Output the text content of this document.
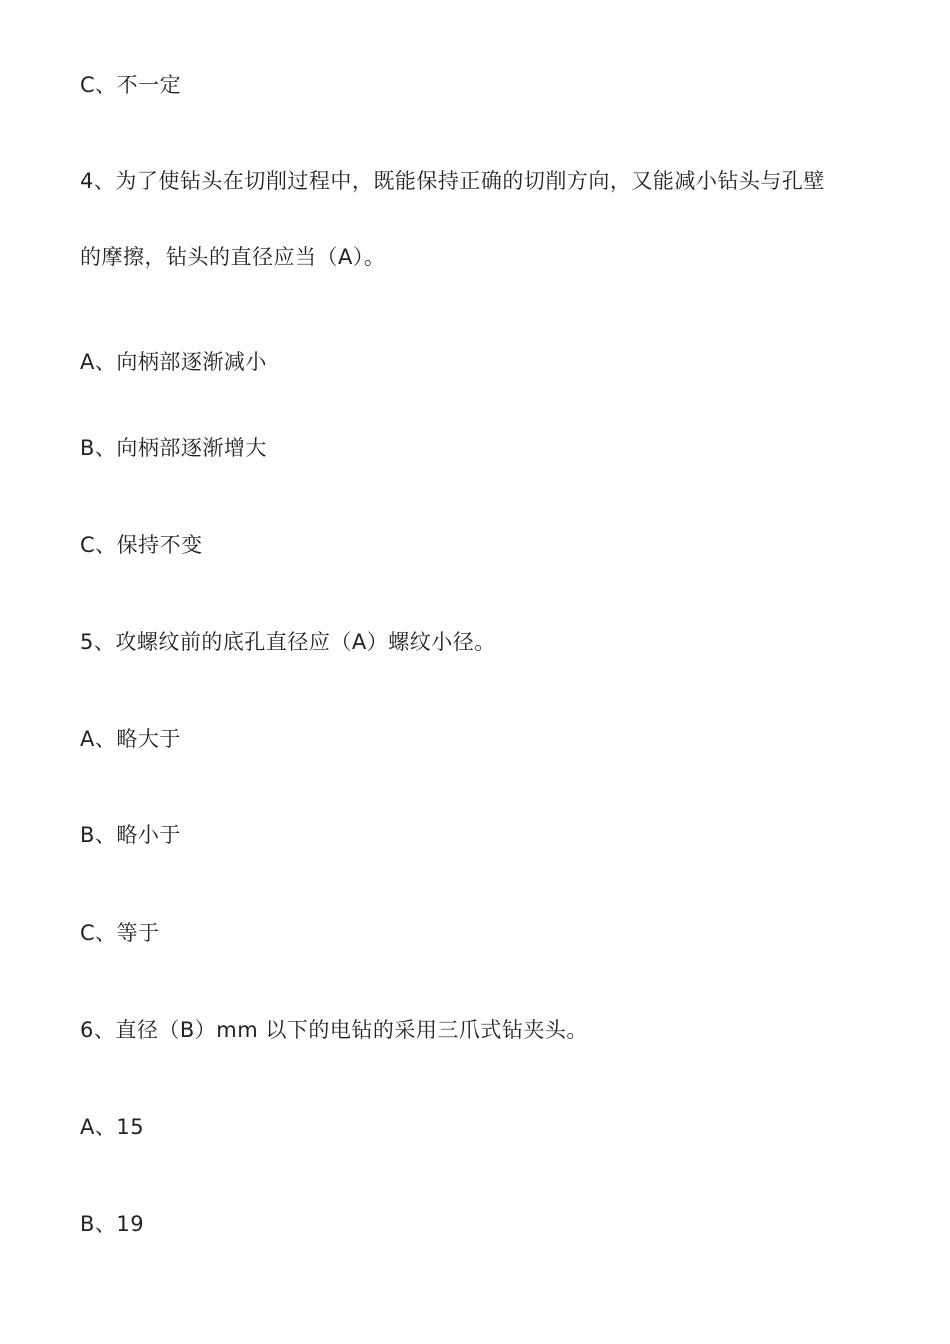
C、不一定
4、为了使钻头在切削过程中，既能保持正确的切削方向，又能减小钻头与孔壁
的摩擦，钻头的直径应当（A）。
A、向柄部逐渐减小
B、向柄部逐渐增大
C、保持不变
5、攻螺纹前的底孔直径应（A）螺纹小径。
A、略大于
B、略小于
C、等于
6、直径（B）mm 以下的电钻的采用三爪式钻夹头。
A、15
B、19
